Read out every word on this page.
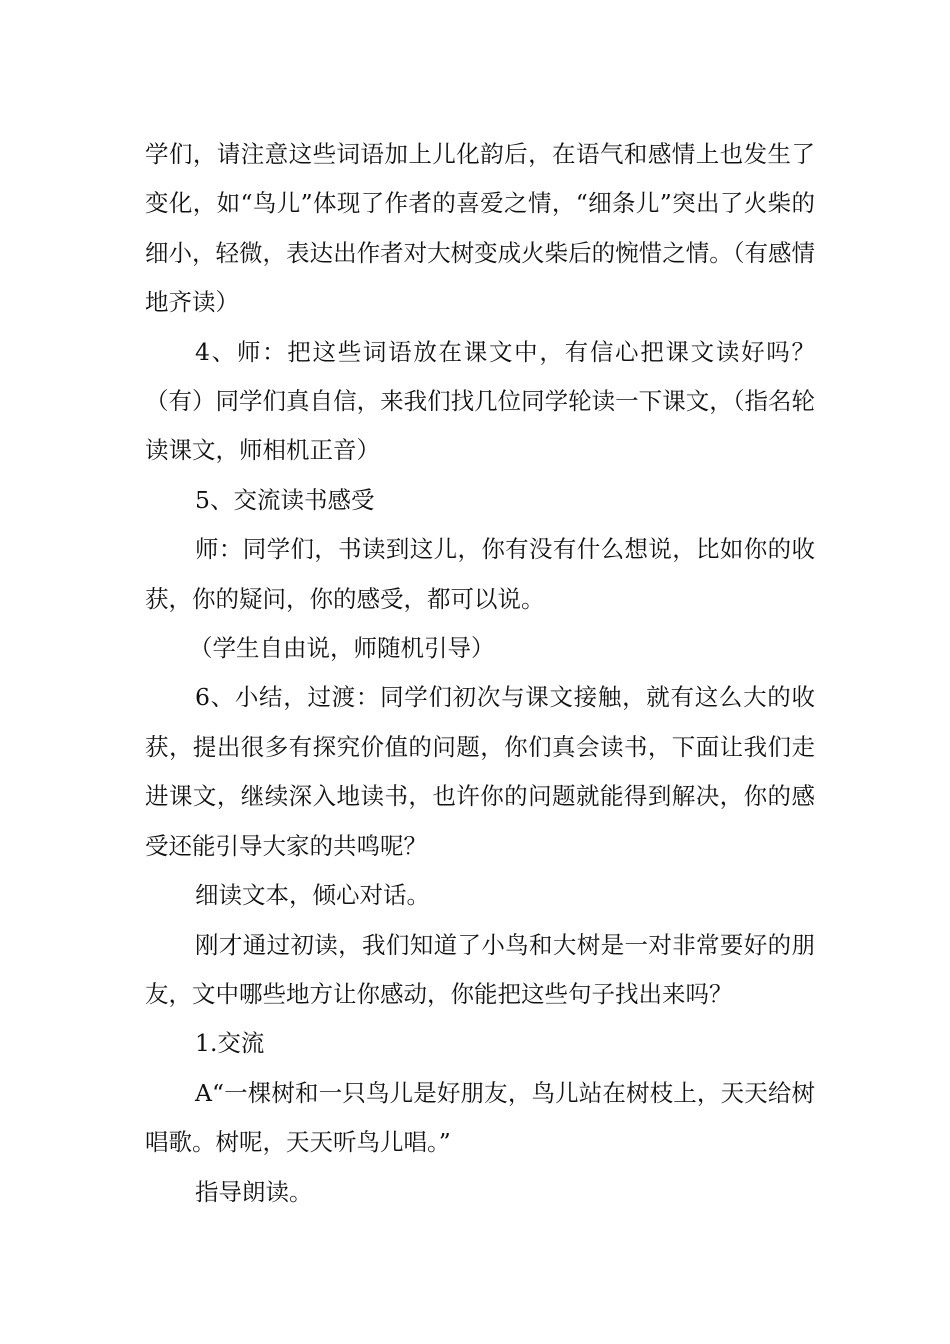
学们，请注意这些词语加上儿化韵后，在语气和感情上也发生了变化，如“鸟儿”体现了作者的喜爱之情，“细条儿”突出了火柴的细小，轻微，表达出作者对大树变成火柴后的惋惜之情。（有感情地齐读）

4、师：把这些词语放在课文中，有信心把课文读好吗？（有）同学们真自信，来我们找几位同学轮读一下课文，（指名轮读课文，师相机正音）

5、交流读书感受

师：同学们，书读到这儿，你有没有什么想说，比如你的收获，你的疑问，你的感受，都可以说。

（学生自由说，师随机引导）

6、小结，过渡：同学们初次与课文接触，就有这么大的收获，提出很多有探究价值的问题，你们真会读书，下面让我们走进课文，继续深入地读书，也许你的问题就能得到解决，你的感受还能引导大家的共鸣呢？

细读文本，倾心对话。

刚才通过初读，我们知道了小鸟和大树是一对非常要好的朋友，文中哪些地方让你感动，你能把这些句子找出来吗？

1.交流

A“一棵树和一只鸟儿是好朋友，鸟儿站在树枝上，天天给树唱歌。树呢，天天听鸟儿唱。”

指导朗读。
